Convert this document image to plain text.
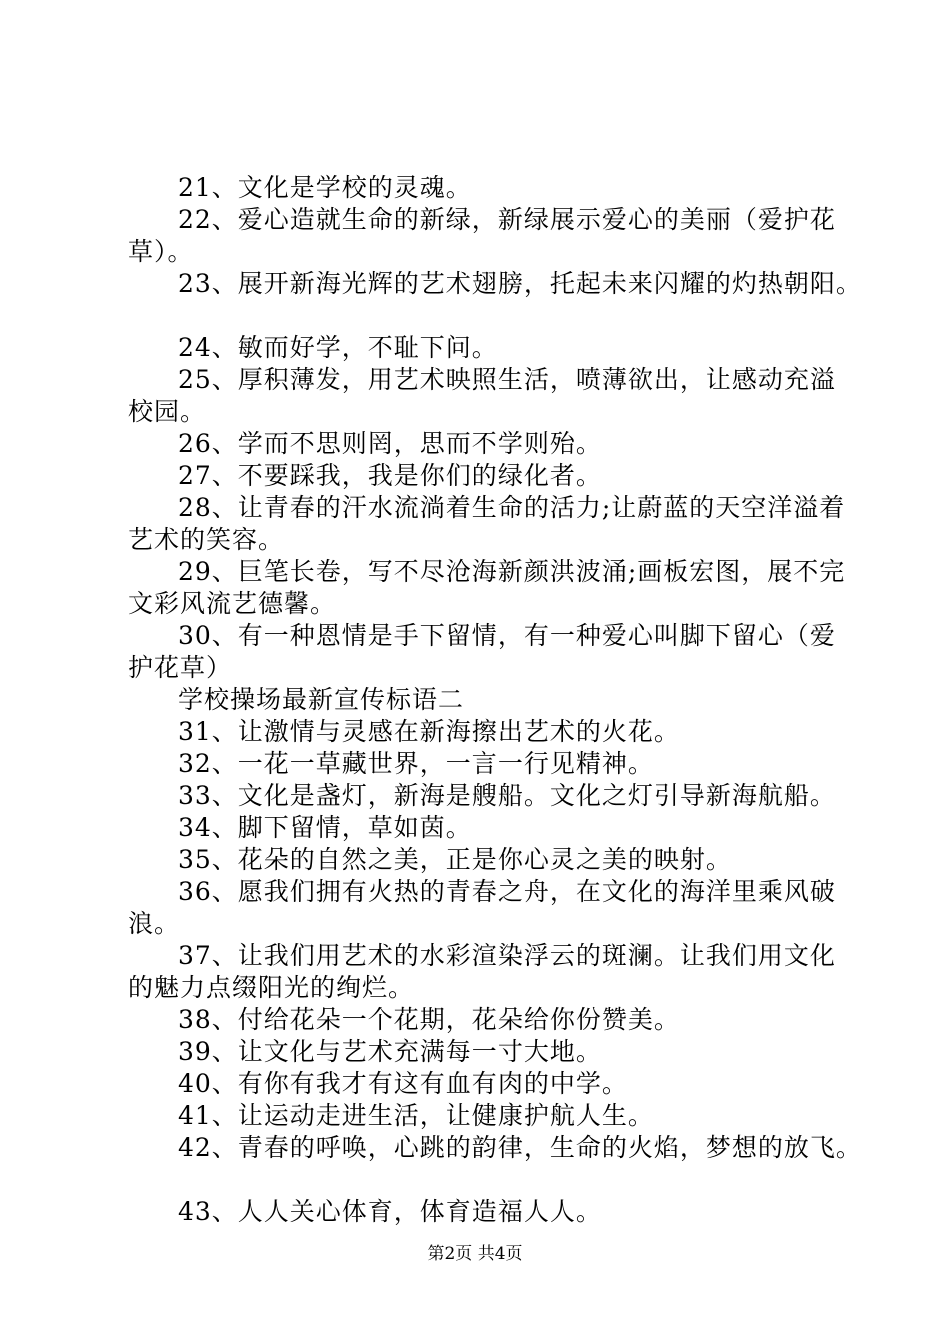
21、文化是学校的灵魂。
22、爱心造就生命的新绿，新绿展示爱心的美丽（爱护花
草）。
23、展开新海光辉的艺术翅膀，托起未来闪耀的灼热朝阳。
24、敏而好学，不耻下问。
25、厚积薄发，用艺术映照生活，喷薄欲出，让感动充溢
校园。
26、学而不思则罔，思而不学则殆。
27、不要踩我，我是你们的绿化者。
28、让青春的汗水流淌着生命的活力;让蔚蓝的天空洋溢着
艺术的笑容。
29、巨笔长卷，写不尽沧海新颜洪波涌;画板宏图，展不完
文彩风流艺德馨。
30、有一种恩情是手下留情，有一种爱心叫脚下留心（爱
护花草）
学校操场最新宣传标语二
31、让激情与灵感在新海擦出艺术的火花。
32、一花一草藏世界，一言一行见精神。
33、文化是盏灯，新海是艘船。文化之灯引导新海航船。
34、脚下留情，草如茵。
35、花朵的自然之美，正是你心灵之美的映射。
36、愿我们拥有火热的青春之舟，在文化的海洋里乘风破
浪。
37、让我们用艺术的水彩渲染浮云的斑澜。让我们用文化
的魅力点缀阳光的绚烂。
38、付给花朵一个花期，花朵给你份赞美。
39、让文化与艺术充满每一寸大地。
40、有你有我才有这有血有肉的中学。
41、让运动走进生活，让健康护航人生。
42、青春的呼唤，心跳的韵律，生命的火焰，梦想的放飞。
43、人人关心体育，体育造福人人。
第2页 共4页
